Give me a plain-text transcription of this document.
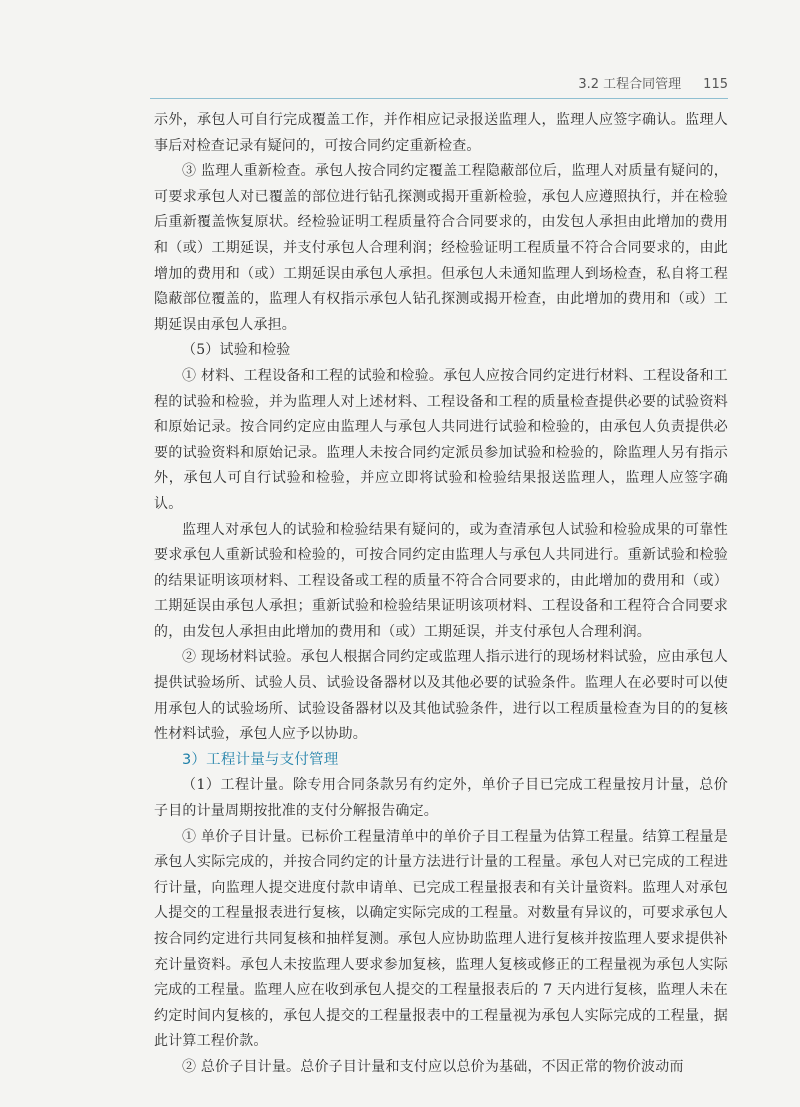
3.2 工程合同管理 115

示外，承包人可自行完成覆盖工作，并作相应记录报送监理人，监理人应签字确认。监理人事后对检查记录有疑问的，可按合同约定重新检查。

③ 监理人重新检查。承包人按合同约定覆盖工程隐蔽部位后，监理人对质量有疑问的，可要求承包人对已覆盖的部位进行钻孔探测或揭开重新检验，承包人应遵照执行，并在检验后重新覆盖恢复原状。经检验证明工程质量符合合同要求的，由发包人承担由此增加的费用和（或）工期延误，并支付承包人合理利润；经检验证明工程质量不符合合同要求的，由此增加的费用和（或）工期延误由承包人承担。但承包人未通知监理人到场检查，私自将工程隐蔽部位覆盖的，监理人有权指示承包人钻孔探测或揭开检查，由此增加的费用和（或）工期延误由承包人承担。

（5）试验和检验

① 材料、工程设备和工程的试验和检验。承包人应按合同约定进行材料、工程设备和工程的试验和检验，并为监理人对上述材料、工程设备和工程的质量检查提供必要的试验资料和原始记录。按合同约定应由监理人与承包人共同进行试验和检验的，由承包人负责提供必要的试验资料和原始记录。监理人未按合同约定派员参加试验和检验的，除监理人另有指示外，承包人可自行试验和检验，并应立即将试验和检验结果报送监理人，监理人应签字确认。

监理人对承包人的试验和检验结果有疑问的，或为查清承包人试验和检验成果的可靠性要求承包人重新试验和检验的，可按合同约定由监理人与承包人共同进行。重新试验和检验的结果证明该项材料、工程设备或工程的质量不符合合同要求的，由此增加的费用和（或）工期延误由承包人承担；重新试验和检验结果证明该项材料、工程设备和工程符合合同要求的，由发包人承担由此增加的费用和（或）工期延误，并支付承包人合理利润。

② 现场材料试验。承包人根据合同约定或监理人指示进行的现场材料试验，应由承包人提供试验场所、试验人员、试验设备器材以及其他必要的试验条件。监理人在必要时可以使用承包人的试验场所、试验设备器材以及其他试验条件，进行以工程质量检查为目的的复核性材料试验，承包人应予以协助。

3）工程计量与支付管理

（1）工程计量。除专用合同条款另有约定外，单价子目已完成工程量按月计量，总价子目的计量周期按批准的支付分解报告确定。

① 单价子目计量。已标价工程量清单中的单价子目工程量为估算工程量。结算工程量是承包人实际完成的，并按合同约定的计量方法进行计量的工程量。承包人对已完成的工程进行计量，向监理人提交进度付款申请单、已完成工程量报表和有关计量资料。监理人对承包人提交的工程量报表进行复核，以确定实际完成的工程量。对数量有异议的，可要求承包人按合同约定进行共同复核和抽样复测。承包人应协助监理人进行复核并按监理人要求提供补充计量资料。承包人未按监理人要求参加复核，监理人复核或修正的工程量视为承包人实际完成的工程量。监理人应在收到承包人提交的工程量报表后的 7 天内进行复核，监理人未在约定时间内复核的，承包人提交的工程量报表中的工程量视为承包人实际完成的工程量，据此计算工程价款。

② 总价子目计量。总价子目计量和支付应以总价为基础，不因正常的物价波动而
